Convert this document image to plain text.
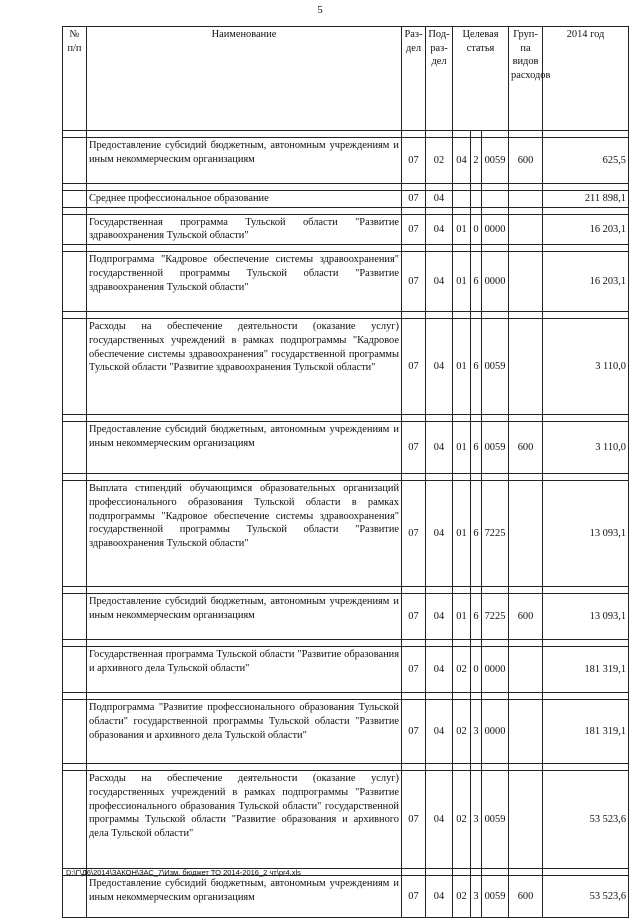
5
№ п/п	Наименование	Раз-дел	Под-раз-дел	Целевая статья			Груп-па видов расходов	2014 год

	Предоставление субсидий бюджетным, автономным учреждениям и иным некоммерческим организациям	07	02	04	2	0059	600	625,5

	Среднее профессиональное образование	07	04					211 898,1

	Государственная программа Тульской области "Развитие здравоохранения Тульской области"	07	04	01	0	0000		16 203,1

	Подпрограмма "Кадровое обеспечение системы здравоохранения" государственной программы Тульской области "Развитие здравоохранения Тульской области"	07	04	01	6	0000		16 203,1

	Расходы на обеспечение деятельности (оказание услуг) государственных учреждений в рамках подпрограммы "Кадровое обеспечение системы здравоохранения" государственной программы Тульской области "Развитие здравоохранения Тульской области"	07	04	01	6	0059		3 110,0

	Предоставление субсидий бюджетным, автономным учреждениям и иным некоммерческим организациям	07	04	01	6	0059	600	3 110,0

	Выплата стипендий обучающимся образовательных организаций профессионального образования Тульской области в рамках подпрограммы "Кадровое обеспечение системы здравоохранения" государственной программы Тульской области "Развитие здравоохранения Тульской области"	07	04	01	6	7225		13 093,1

	Предоставление субсидий бюджетным, автономным учреждениям и иным некоммерческим организациям	07	04	01	6	7225	600	13 093,1

	Государственная программа Тульской области "Развитие образования и архивного дела Тульской области"	07	04	02	0	0000		181 319,1

	Подпрограмма "Развитие профессионального образования Тульской области" государственной программы Тульской области "Развитие образования и архивного дела Тульской области"	07	04	02	3	0000		181 319,1

	Расходы на обеспечение деятельности (оказание услуг) государственных учреждений в рамках подпрограммы "Развитие профессионального образования Тульской области" государственной программы Тульской области "Развитие образования и архивного дела Тульской области"	07	04	02	3	0059		53 523,6

	Предоставление субсидий бюджетным, автономным учреждениям и иным некоммерческим организациям	07	04	02	3	0059	600	53 523,6
D:\Г\Д6\2014\ЗАКОН\ЗАС_7\Изм. бюджет ТО 2014-2016_2 чт\pr4.xls
